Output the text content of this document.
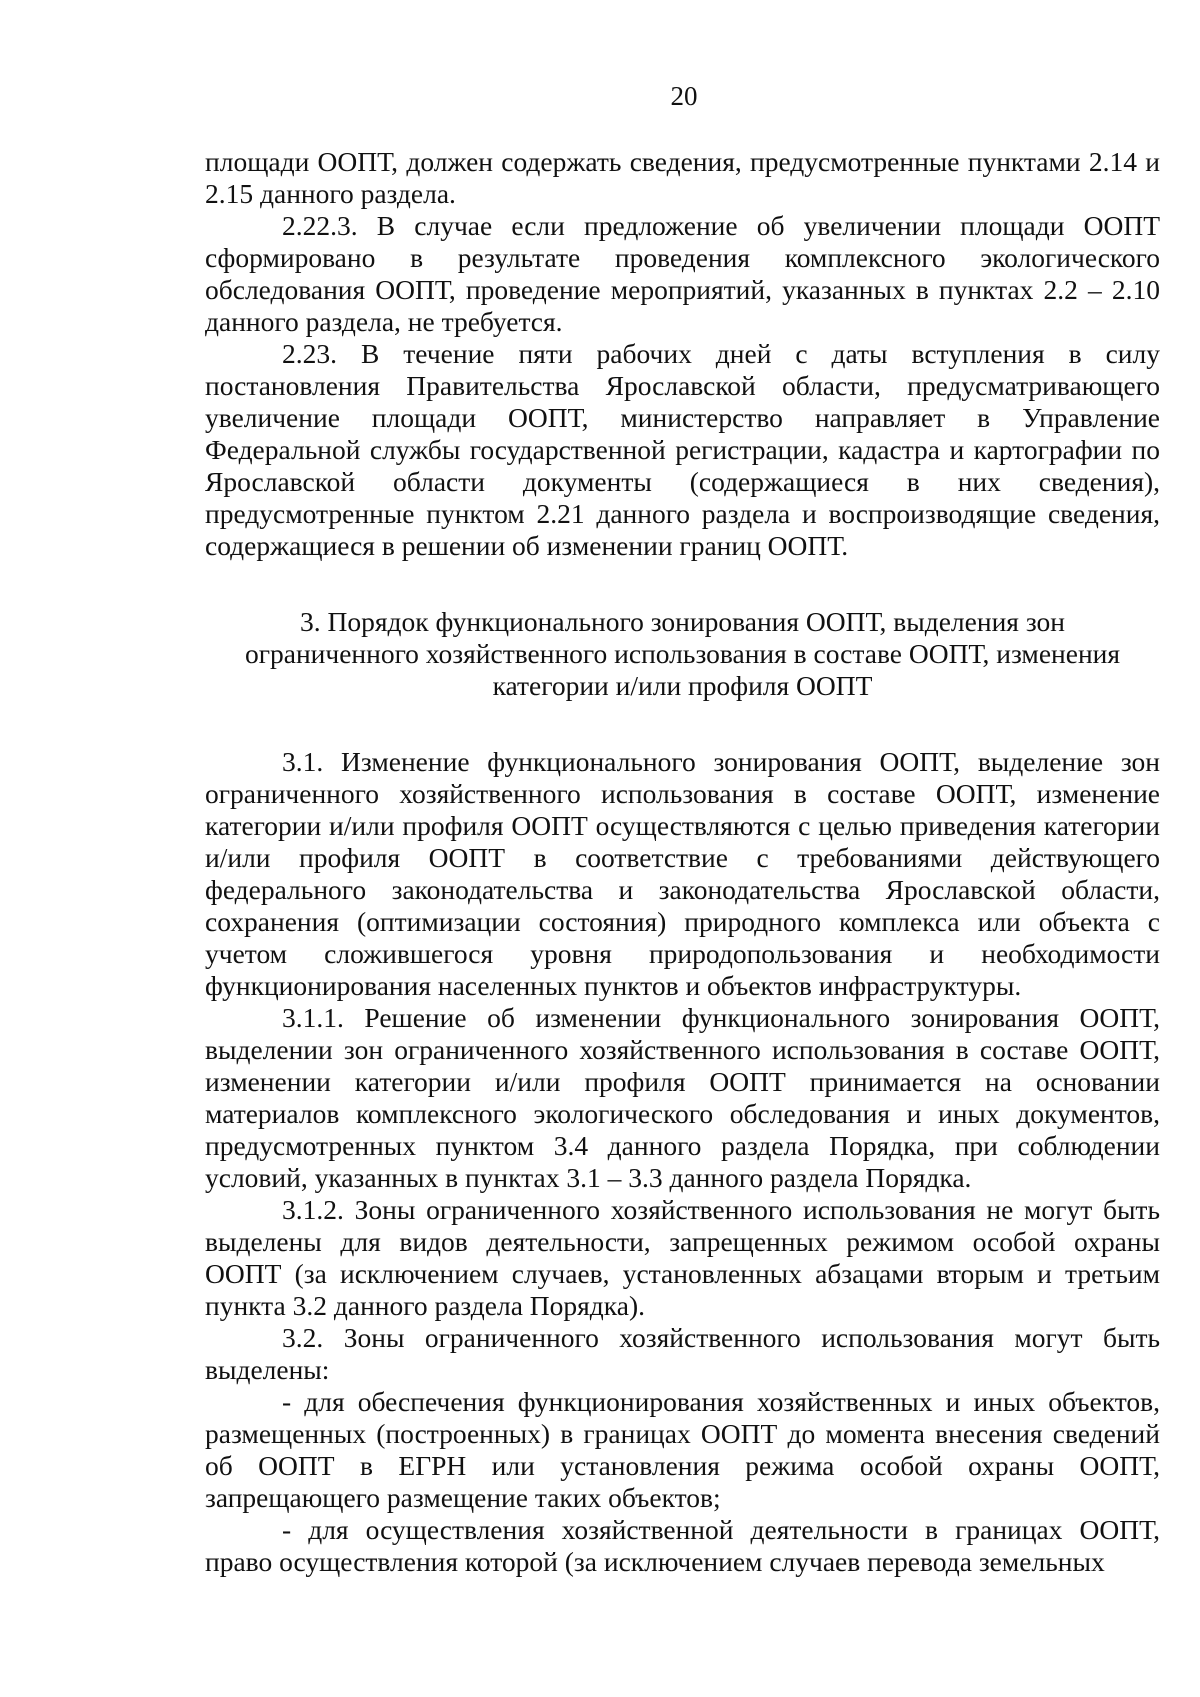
20

площади ООПТ, должен содержать сведения, предусмотренные пунктами 2.14 и 2.15 данного раздела.

2.22.3. В случае если предложение об увеличении площади ООПТ сформировано в результате проведения комплексного экологического обследования ООПТ, проведение мероприятий, указанных в пунктах 2.2 – 2.10 данного раздела, не требуется.

2.23. В течение пяти рабочих дней с даты вступления в силу постановления Правительства Ярославской области, предусматривающего увеличение площади ООПТ, министерство направляет в Управление Федеральной службы государственной регистрации, кадастра и картографии по Ярославской области документы (содержащиеся в них сведения), предусмотренные пунктом 2.21 данного раздела и воспроизводящие сведения, содержащиеся в решении об изменении границ ООПТ.

3. Порядок функционального зонирования ООПТ, выделения зон
ограниченного хозяйственного использования в составе ООПТ, изменения
категории и/или профиля ООПТ

3.1. Изменение функционального зонирования ООПТ, выделение зон ограниченного хозяйственного использования в составе ООПТ, изменение категории и/или профиля ООПТ осуществляются с целью приведения категории и/или профиля ООПТ в соответствие с требованиями действующего федерального законодательства и законодательства Ярославской области, сохранения (оптимизации состояния) природного комплекса или объекта с учетом сложившегося уровня природопользования и необходимости функционирования населенных пунктов и объектов инфраструктуры.

3.1.1. Решение об изменении функционального зонирования ООПТ, выделении зон ограниченного хозяйственного использования в составе ООПТ, изменении категории и/или профиля ООПТ принимается на основании материалов комплексного экологического обследования и иных документов, предусмотренных пунктом 3.4 данного раздела Порядка, при соблюдении условий, указанных в пунктах 3.1 – 3.3 данного раздела Порядка.

3.1.2. Зоны ограниченного хозяйственного использования не могут быть выделены для видов деятельности, запрещенных режимом особой охраны ООПТ (за исключением случаев, установленных абзацами вторым и третьим пункта 3.2 данного раздела Порядка).

3.2. Зоны ограниченного хозяйственного использования могут быть выделены:

- для обеспечения функционирования хозяйственных и иных объектов, размещенных (построенных) в границах ООПТ до момента внесения сведений об ООПТ в ЕГРН или установления режима особой охраны ООПТ, запрещающего размещение таких объектов;

- для осуществления хозяйственной деятельности в границах ООПТ, право осуществления которой (за исключением случаев перевода земельных
